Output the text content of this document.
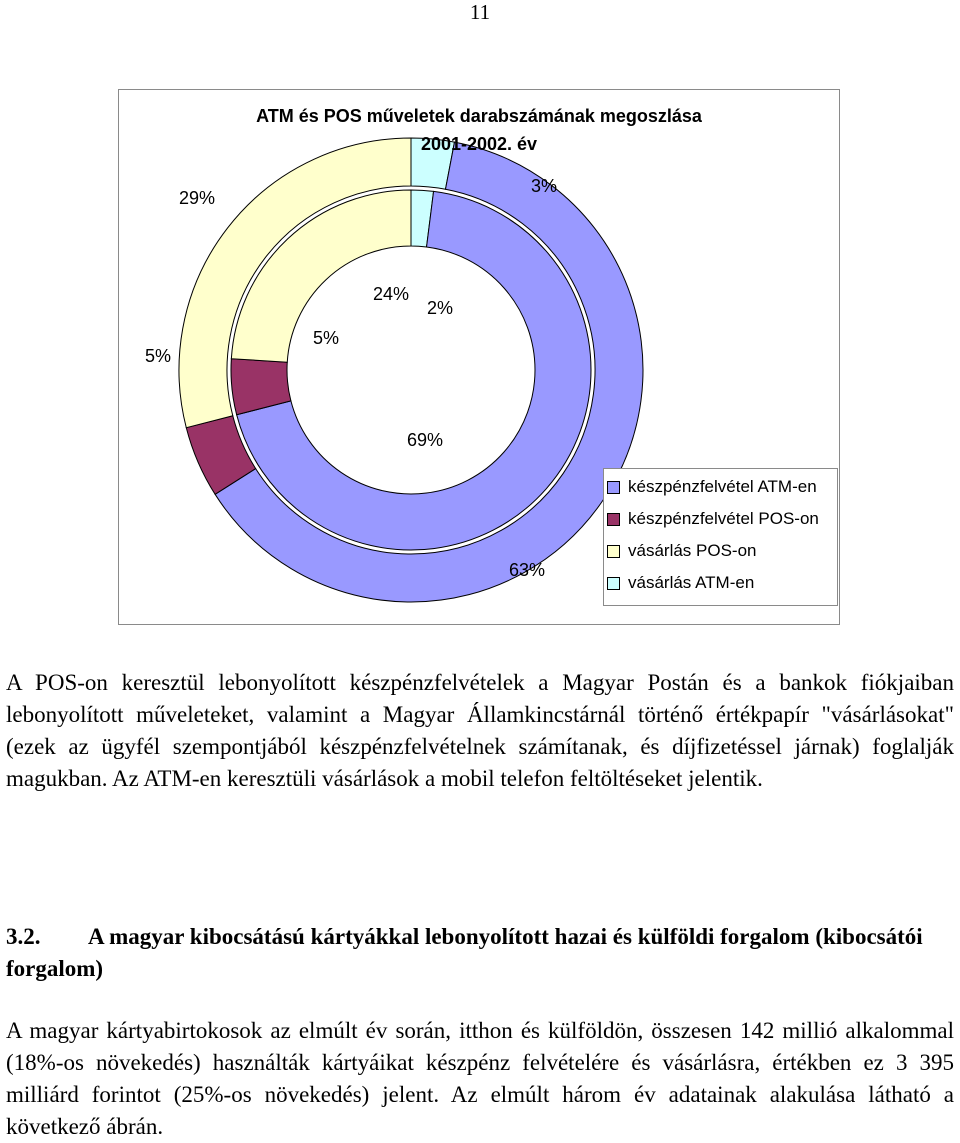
11
69%
5%
24%
2%
63%
5%
29%
3%
ATM és POS műveletek darabszámának megoszlása
2001-2002. év
készpénzfelvétel ATM-en
készpénzfelvétel POS-on
vásárlás POS-on
vásárlás ATM-en
A POS-on keresztül lebonyolított készpénzfelvételek a Magyar Postán és a bankok fiókjaiban lebonyolított műveleteket, valamint a Magyar Államkincstárnál történő értékpapír "vásárlásokat" (ezek az ügyfél szempontjából készpénzfelvételnek számítanak, és díjfizetéssel járnak) foglalják magukban. Az ATM-en keresztüli vásárlások a mobil telefon feltöltéseket jelentik.
3.2. A magyar kibocsátású kártyákkal lebonyolított hazai és külföldi forgalom (kibocsátói forgalom)
A magyar kártyabirtokosok az elmúlt év során, itthon és külföldön, összesen 142 millió alkalommal (18%-os növekedés) használták kártyáikat készpénz felvételére és vásárlásra, értékben ez 3 395 milliárd forintot (25%-os növekedés) jelent. Az elmúlt három év adatainak alakulása látható a következő ábrán.
